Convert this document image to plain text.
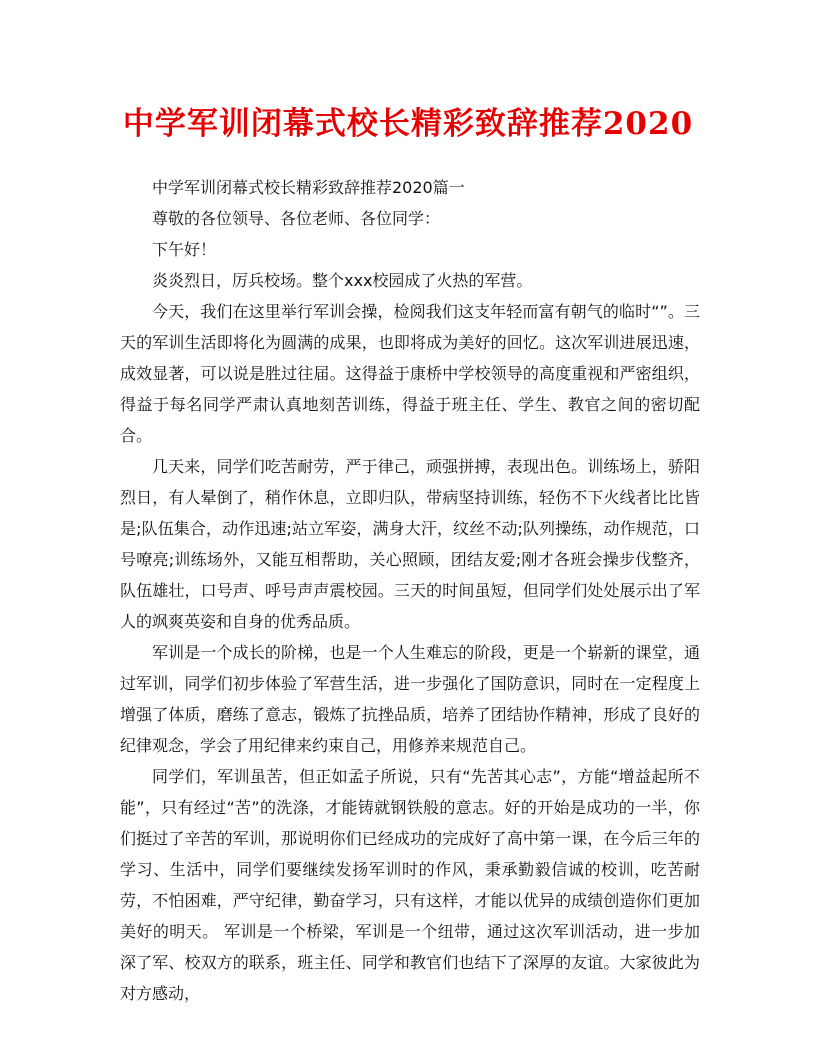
中学军训闭幕式校长精彩致辞推荐2020

中学军训闭幕式校长精彩致辞推荐2020篇一

尊敬的各位领导、各位老师、各位同学：

下午好！

炎炎烈日，厉兵校场。整个xxx校园成了火热的军营。

今天，我们在这里举行军训会操，检阅我们这支年轻而富有朝气的临时“”。三天的军训生活即将化为圆满的成果，也即将成为美好的回忆。这次军训进展迅速，成效显著，可以说是胜过往届。这得益于康桥中学校领导的高度重视和严密组织，得益于每名同学严肃认真地刻苦训练，得益于班主任、学生、教官之间的密切配合。

几天来，同学们吃苦耐劳，严于律己，顽强拼搏，表现出色。训练场上，骄阳烈日，有人晕倒了，稍作休息，立即归队，带病坚持训练，轻伤不下火线者比比皆是;队伍集合，动作迅速;站立军姿，满身大汗，纹丝不动;队列操练，动作规范，口号嘹亮;训练场外，又能互相帮助，关心照顾，团结友爱;刚才各班会操步伐整齐，队伍雄壮，口号声、呼号声声震校园。三天的时间虽短，但同学们处处展示出了军人的飒爽英姿和自身的优秀品质。

军训是一个成长的阶梯，也是一个人生难忘的阶段，更是一个崭新的课堂，通过军训，同学们初步体验了军营生活，进一步强化了国防意识，同时在一定程度上增强了体质，磨练了意志，锻炼了抗挫品质，培养了团结协作精神，形成了良好的纪律观念，学会了用纪律来约束自己，用修养来规范自己。

同学们，军训虽苦，但正如孟子所说，只有“先苦其心志”，方能“增益起所不能”，只有经过“苦”的洗涤，才能铸就钢铁般的意志。好的开始是成功的一半，你们挺过了辛苦的军训，那说明你们已经成功的完成好了高中第一课，在今后三年的学习、生活中，同学们要继续发扬军训时的作风，秉承勤毅信诚的校训，吃苦耐劳，不怕困难，严守纪律，勤奋学习，只有这样，才能以优异的成绩创造你们更加美好的明天。 军训是一个桥梁，军训是一个纽带，通过这次军训活动，进一步加深了军、校双方的联系，班主任、同学和教官们也结下了深厚的友谊。大家彼此为对方感动，
